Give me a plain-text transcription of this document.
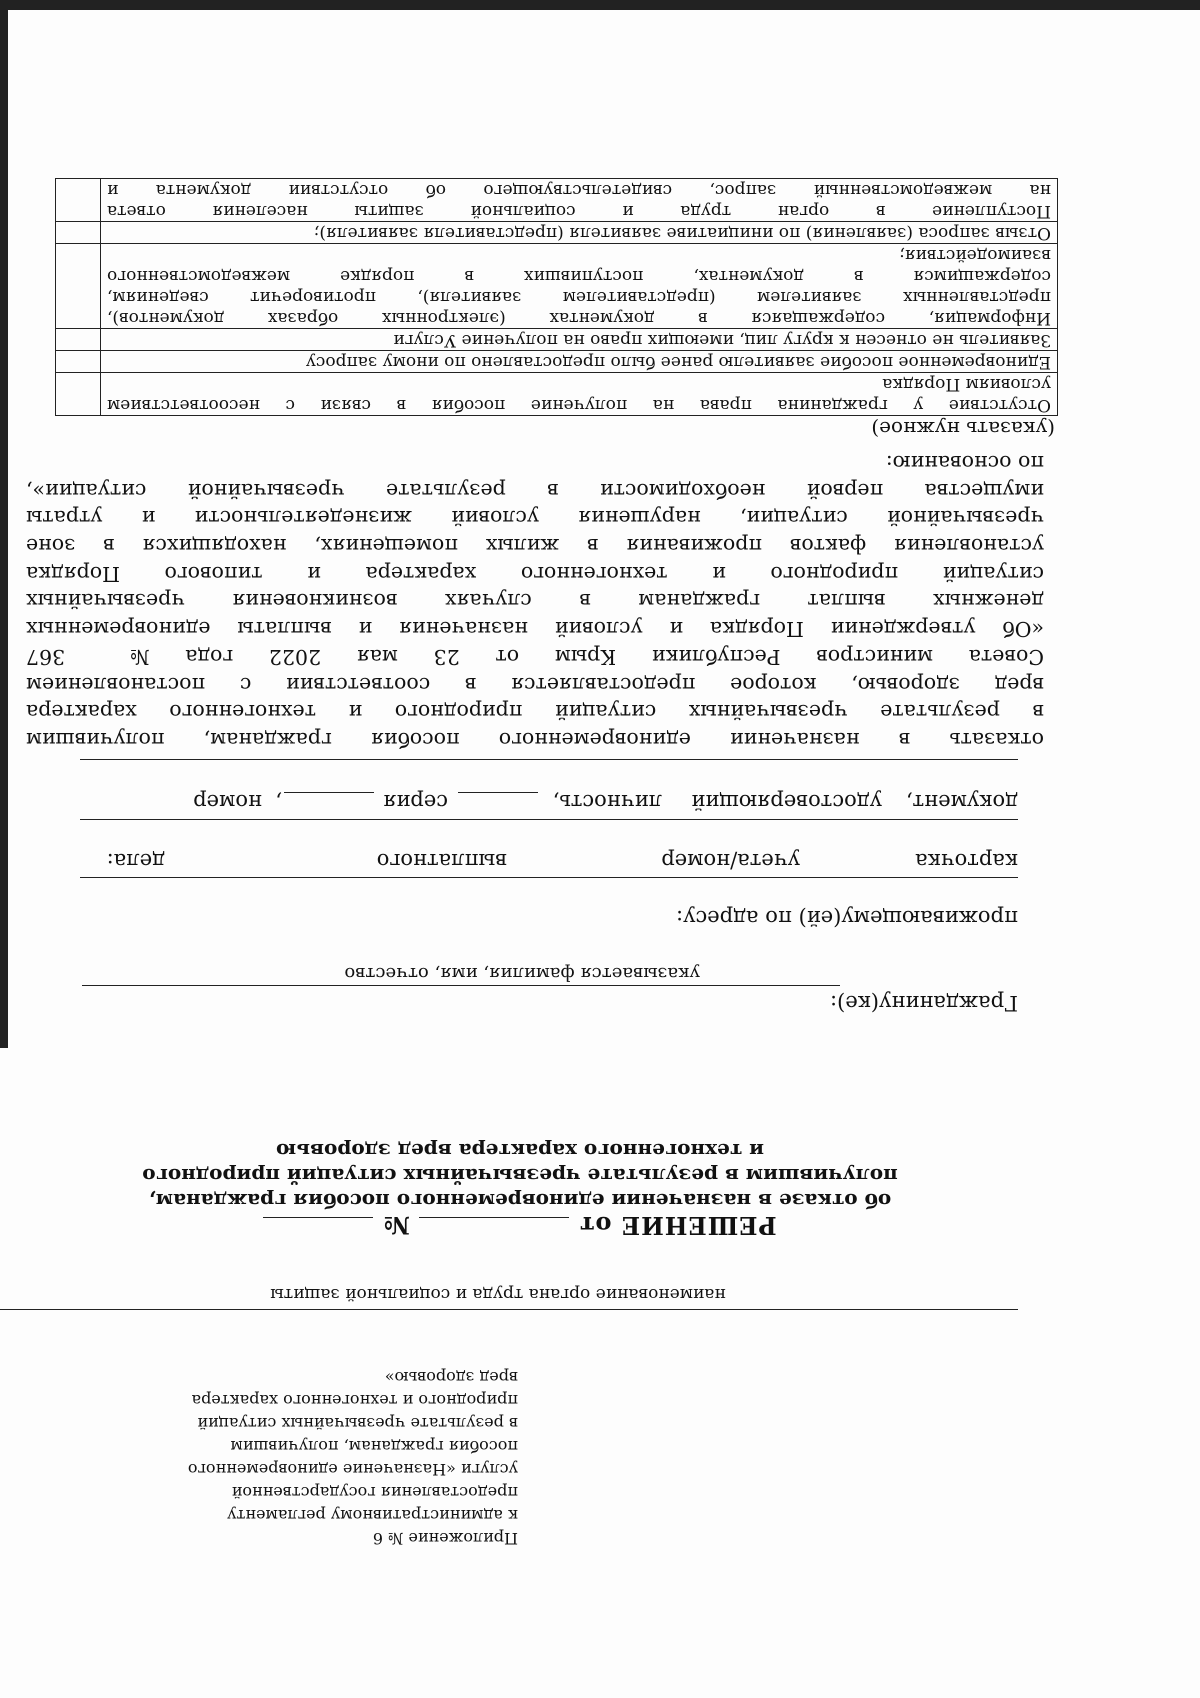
Приложение № 6
к административному регламенту
предоставления государственной
услуги «Назначение единовременного
пособия гражданам, получившим
в результате чрезвычайных ситуаций
природного и техногенного характера
вред здоровью»
наименование органа труда и социальной защиты
РЕШЕНИЕ от  №
об отказе в назначении единовременного пособия гражданам,
получившим в результате чрезвычайных ситуаций природного
и техногенного характера вред здоровью
Гражданину(ке):
указывается фамилия, имя, отчество
проживающему(ей) по адресу:
карточка
учета/номер
выплатного
дела:
документ,
удостоверяющий
личность,
серия
,
номер
отказать в назначении единовременного пособия гражданам, получившим
в результате чрезвычайных ситуаций природного и техногенного характера
вред здоровью, которое предоставляется в соответствии с постановлением
Совета министров Республики Крым от 23 мая 2022 года № 367
«Об утверждении Порядка и условий назначения и выплаты единовременных
денежных выплат гражданам в случаях возникновения чрезвычайных
ситуаций природного и техногенного характера и типового Порядка
установления фактов проживания в жилых помещениях, находящихся в зоне
чрезвычайной ситуации, нарушения условий жизнедеятельности и утраты
имущества первой необходимости в результате чрезвычайной ситуации»,
по основанию:
(указать нужное)
Отсутствие у гражданина права на получение пособия в связи с несоответствием
условиям Порядка	

Единовременное пособие заявителю ранее было предоставлено по иному запросу	

Заявитель не отнесен к кругу лиц, имеющих право на получение Услуги	

Информация, содержащаяся в документах (электронных образах документов),
представленных заявителем (представителем заявителя), противоречит сведениям,
содержащимся в документах, поступивших в порядке межведомственного
взаимодействия;	

Отзыв запроса (заявления) по инициативе заявителя (представителя заявителя);	

Поступление в орган труда и социальной защиты населения ответа
на межведомственный запрос, свидетельствующего об отсутствии документа и	
